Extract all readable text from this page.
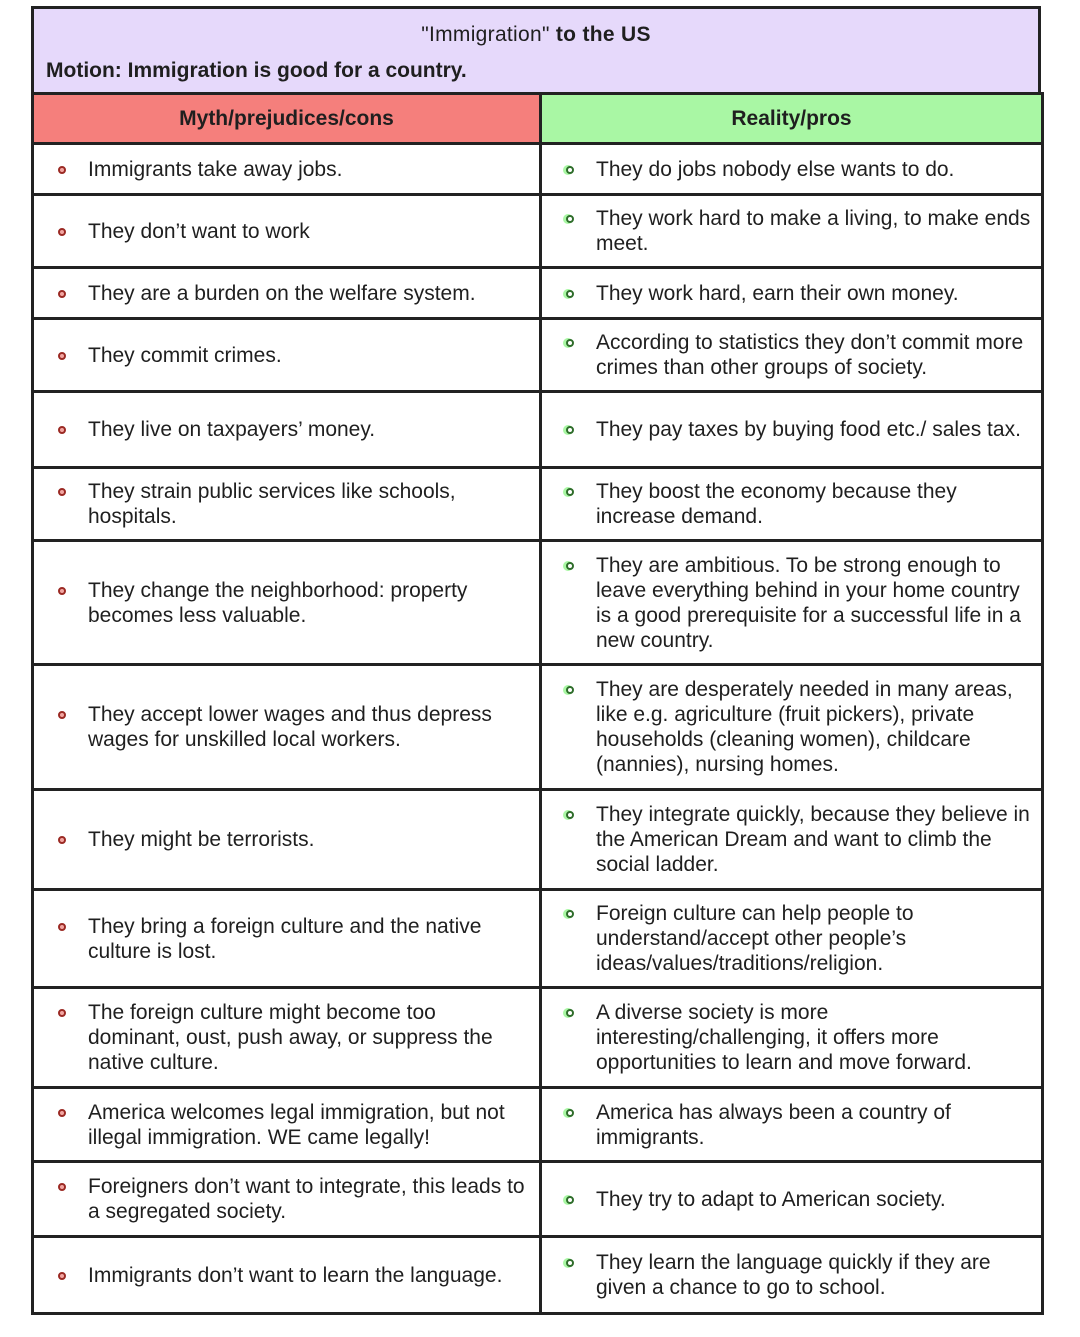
"Immigration" to the US
Motion: Immigration is good for a country.
Myth/prejudices/cons	Reality/pros

Immigrants take away jobs.	They do jobs nobody else wants to do.

They don’t want to work	They work hard to make a living, to make ends meet.

They are a burden on the welfare system.	They work hard, earn their own money.

They commit crimes.	According to statistics they don’t commit more crimes than other groups of society.

They live on taxpayers’ money.	They pay taxes by buying food etc./ sales tax.

They strain public services like schools, hospitals.	They boost the economy because they increase demand.

They change the neighborhood: property becomes less valuable.	They are ambitious. To be strong enough to leave everything behind in your home country is a good prerequisite for a successful life in a new country.

They accept lower wages and thus depress wages for unskilled local workers.	They are desperately needed in many areas, like e.g. agriculture (fruit pickers), private households (cleaning women), childcare (nannies), nursing homes.

They might be terrorists.	They integrate quickly, because they believe in the American Dream and want to climb the social ladder.

They bring a foreign culture and the native culture is lost.	Foreign culture can help people to understand/accept other people’s ideas/values/traditions/religion.

The foreign culture might become too dominant, oust, push away, or suppress the native culture.	A diverse society is more interesting/challenging, it offers more opportunities to learn and move forward.

America welcomes legal immigration, but not illegal immigration. WE came legally!	America has always been a country of immigrants.

Foreigners don’t want to integrate, this leads to a segregated society.	They try to adapt to American society.

Immigrants don’t want to learn the language.	They learn the language quickly if they are given a chance to go to school.
